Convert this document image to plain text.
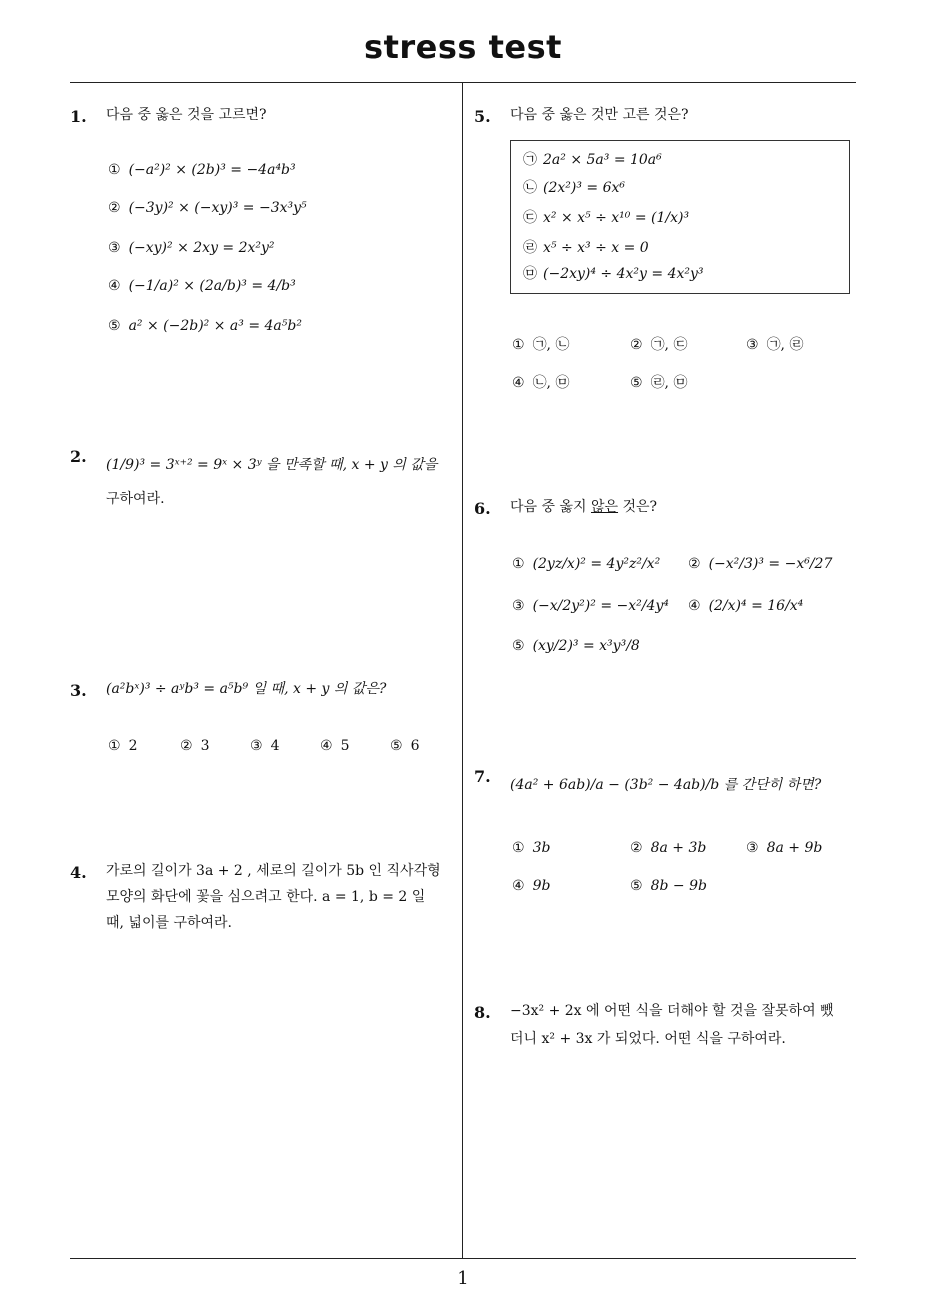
stress test
1
1. 다음 중 옳은 것을 고르면?
① (−a²)² × (2b)³ = −4a⁴b³
② (−3y)² × (−xy)³ = −3x³y⁵
③ (−xy)² × 2xy = 2x²y²
④ (−1/a)² × (2a/b)³ = 4/b³
⑤ a² × (−2b)² × a³ = 4a⁵b²
2. (1/9)³ = 3ˣ⁺² = 9ˣ × 3ʸ 을 만족할 때, x + y 의 값을
구하여라.
3. (a²bˣ)³ ÷ aʸb³ = a⁵b⁹ 일 때, x + y 의 값은?
① 2	② 3	③ 4	④ 5	⑤ 6
4. 가로의 길이가 3a + 2 , 세로의 길이가 5b 인 직사각형
모양의 화단에 꽃을 심으려고 한다. a = 1, b = 2 일
때, 넓이를 구하여라.
5. 다음 중 옳은 것만 고른 것은?
㉠ 2a² × 5a³ = 10a⁶
㉡ (2x²)³ = 6x⁶
㉢ x² × x⁵ ÷ x¹⁰ = (1/x)³
㉣ x⁵ ÷ x³ ÷ x = 0
㉤ (−2xy)⁴ ÷ 4x²y = 4x²y³
① ㉠, ㉡	② ㉠, ㉢	③ ㉠, ㉣
④ ㉡, ㉤	⑤ ㉣, ㉤
6. 다음 중 옳지 않은 것은?
① (2yz/x)² = 4y²z²/x² ② (−x²/3)³ = −x⁶/27
③ (−x/2y²)² = −x²/4y⁴ ④ (2/x)⁴ = 16/x⁴
⑤ (xy/2)³ = x³y³/8
7. (4a² + 6ab)/a − (3b² − 4ab)/b 를 간단히 하면?
① 3b	② 8a + 3b	③ 8a + 9b
④ 9b	⑤ 8b − 9b
8. −3x² + 2x 에 어떤 식을 더해야 할 것을 잘못하여 뺐
더니 x² + 3x 가 되었다. 어떤 식을 구하여라.
